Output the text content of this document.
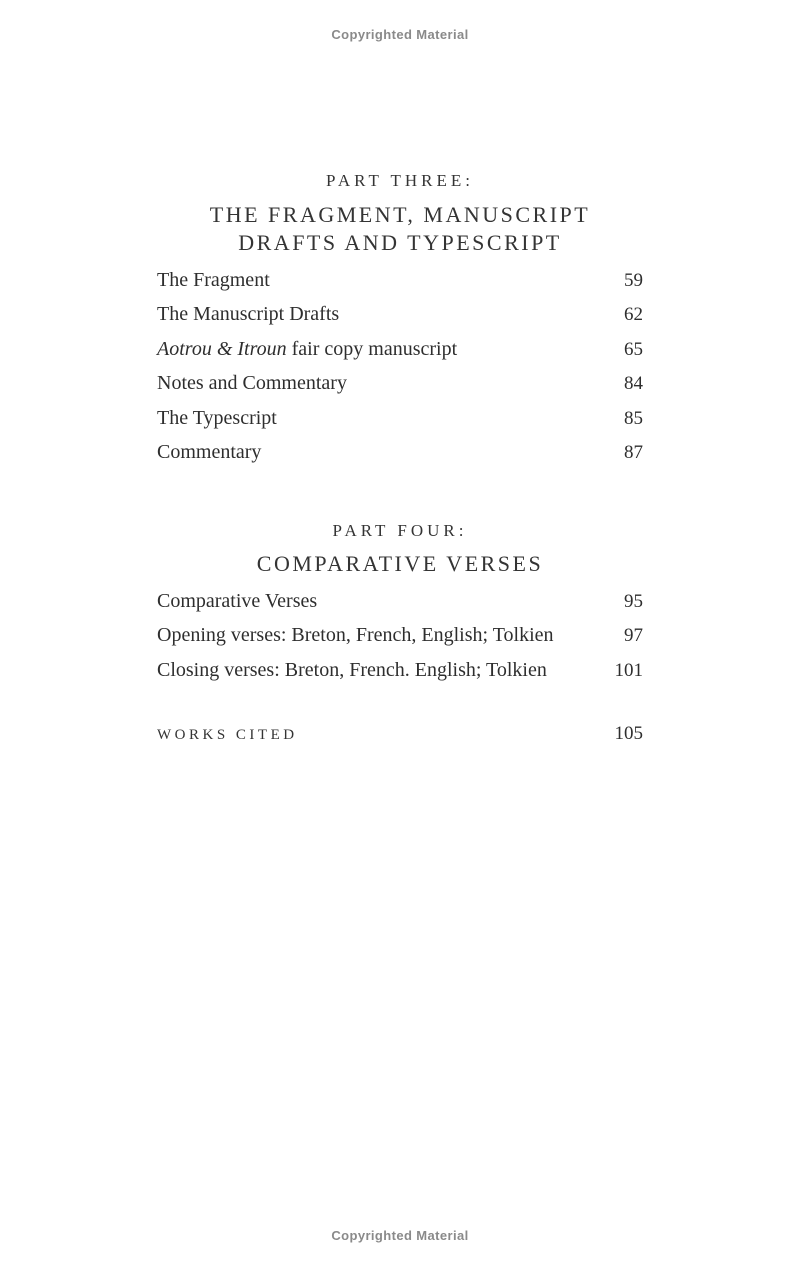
Copyrighted Material
PART THREE:
THE FRAGMENT, MANUSCRIPT
DRAFTS AND TYPESCRIPT
The Fragment	59
The Manuscript Drafts	62
Aotrou & Itroun fair copy manuscript	65
Notes and Commentary	84
The Typescript	85
Commentary	87
PART FOUR:
COMPARATIVE VERSES
Comparative Verses	95
Opening verses: Breton, French, English; Tolkien	97
Closing verses: Breton, French. English; Tolkien	101
WORKS CITED	105
Copyrighted Material
